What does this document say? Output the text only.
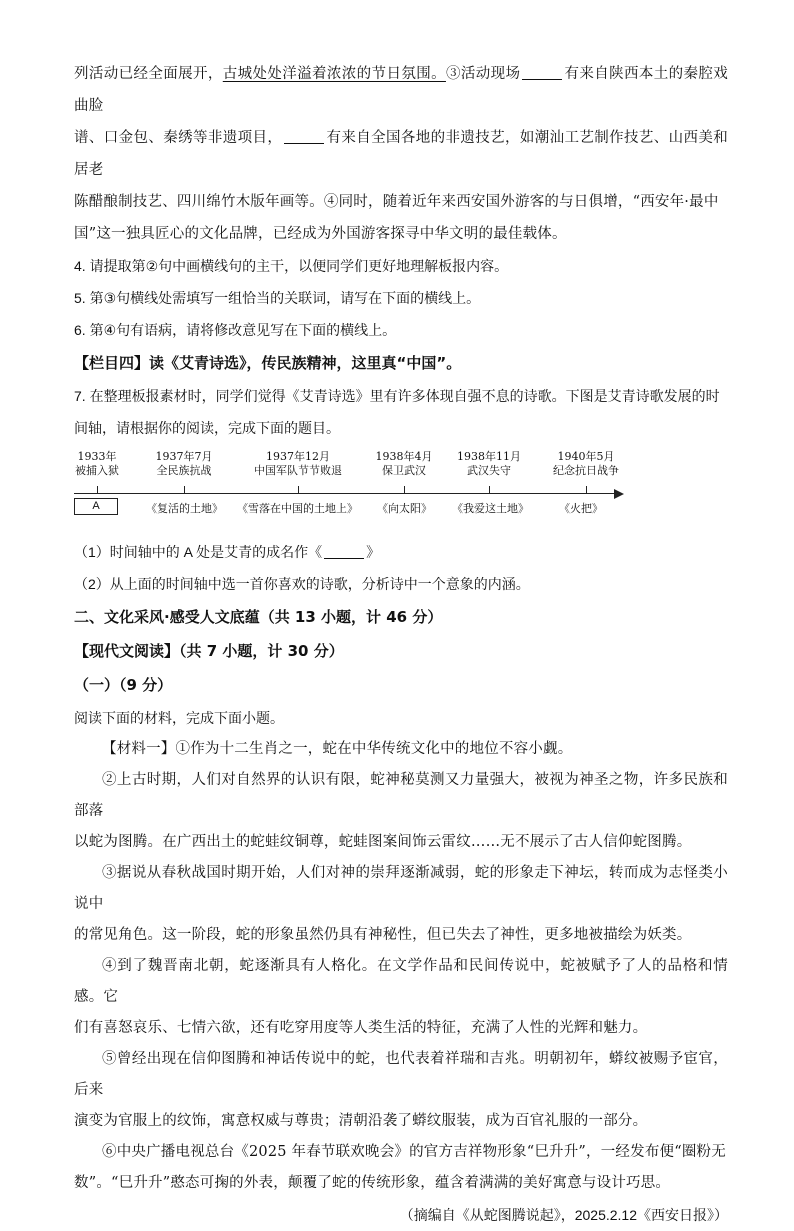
列活动已经全面展开，古城处处洋溢着浓浓的节日氛围。③活动现场	有来自陕西本土的秦腔戏曲脸

谱、口金包、秦绣等非遗项目，	有来自全国各地的非遗技艺，如潮汕工艺制作技艺、山西美和居老

陈醋酿制技艺、四川绵竹木版年画等。④同时，随着近年来西安国外游客的与日俱增，“西安年·最中

国”这一独具匠心的文化品牌，已经成为外国游客探寻中华文明的最佳载体。

4. 请提取第②句中画横线句的主干，以便同学们更好地理解板报内容。

5. 第③句横线处需填写一组恰当的关联词，请写在下面的横线上。

6. 第④句有语病，请将修改意见写在下面的横线上。

【栏目四】读《艾青诗选》，传民族精神，这里真“中国”。

7. 在整理板报素材时，同学们觉得《艾青诗选》里有许多体现自强不息的诗歌。下图是艾青诗歌发展的时

间轴，请根据你的阅读，完成下面的题目。

1933年
被捕入狱
1937年7月
全民族抗战
1937年12月
中国军队节节败退
1938年4月
保卫武汉
1938年11月
武汉失守
1940年5月
纪念抗日战争
A	《复活的土地》 《雪落在中国的土地上》 《向太阳》 《我爱这土地》	《火把》

（1）时间轴中的 A 处是艾青的成名作《	》

（2）从上面的时间轴中选一首你喜欢的诗歌，分析诗中一个意象的内涵。

二、文化采风·感受人文底蕴（共 13 小题，计 46 分）

【现代文阅读】（共 7 小题，计 30 分）

（一）（9 分）

阅读下面的材料，完成下面小题。

【材料一】①作为十二生肖之一，蛇在中华传统文化中的地位不容小觑。

②上古时期，人们对自然界的认识有限，蛇神秘莫测又力量强大，被视为神圣之物，许多民族和部落

以蛇为图腾。在广西出土的蛇蛙纹铜尊，蛇蛙图案间饰云雷纹……无不展示了古人信仰蛇图腾。

③据说从春秋战国时期开始，人们对神的崇拜逐渐减弱，蛇的形象走下神坛，转而成为志怪类小说中

的常见角色。这一阶段，蛇的形象虽然仍具有神秘性，但已失去了神性，更多地被描绘为妖类。

④到了魏晋南北朝，蛇逐渐具有人格化。在文学作品和民间传说中，蛇被赋予了人的品格和情感。它

们有喜怒哀乐、七情六欲，还有吃穿用度等人类生活的特征，充满了人性的光辉和魅力。

⑤曾经出现在信仰图腾和神话传说中的蛇，也代表着祥瑞和吉兆。明朝初年，蟒纹被赐予宦官，后来

演变为官服上的纹饰，寓意权威与尊贵；清朝沿袭了蟒纹服装，成为百官礼服的一部分。

⑥中央广播电视总台《2025 年春节联欢晚会》的官方吉祥物形象“巳升升”，一经发布便“圈粉无

数”。“巳升升”憨态可掬的外表，颠覆了蛇的传统形象，蕴含着满满的美好寓意与设计巧思。

（摘编自《从蛇图腾说起》，2025.2.12《西安日报》）
